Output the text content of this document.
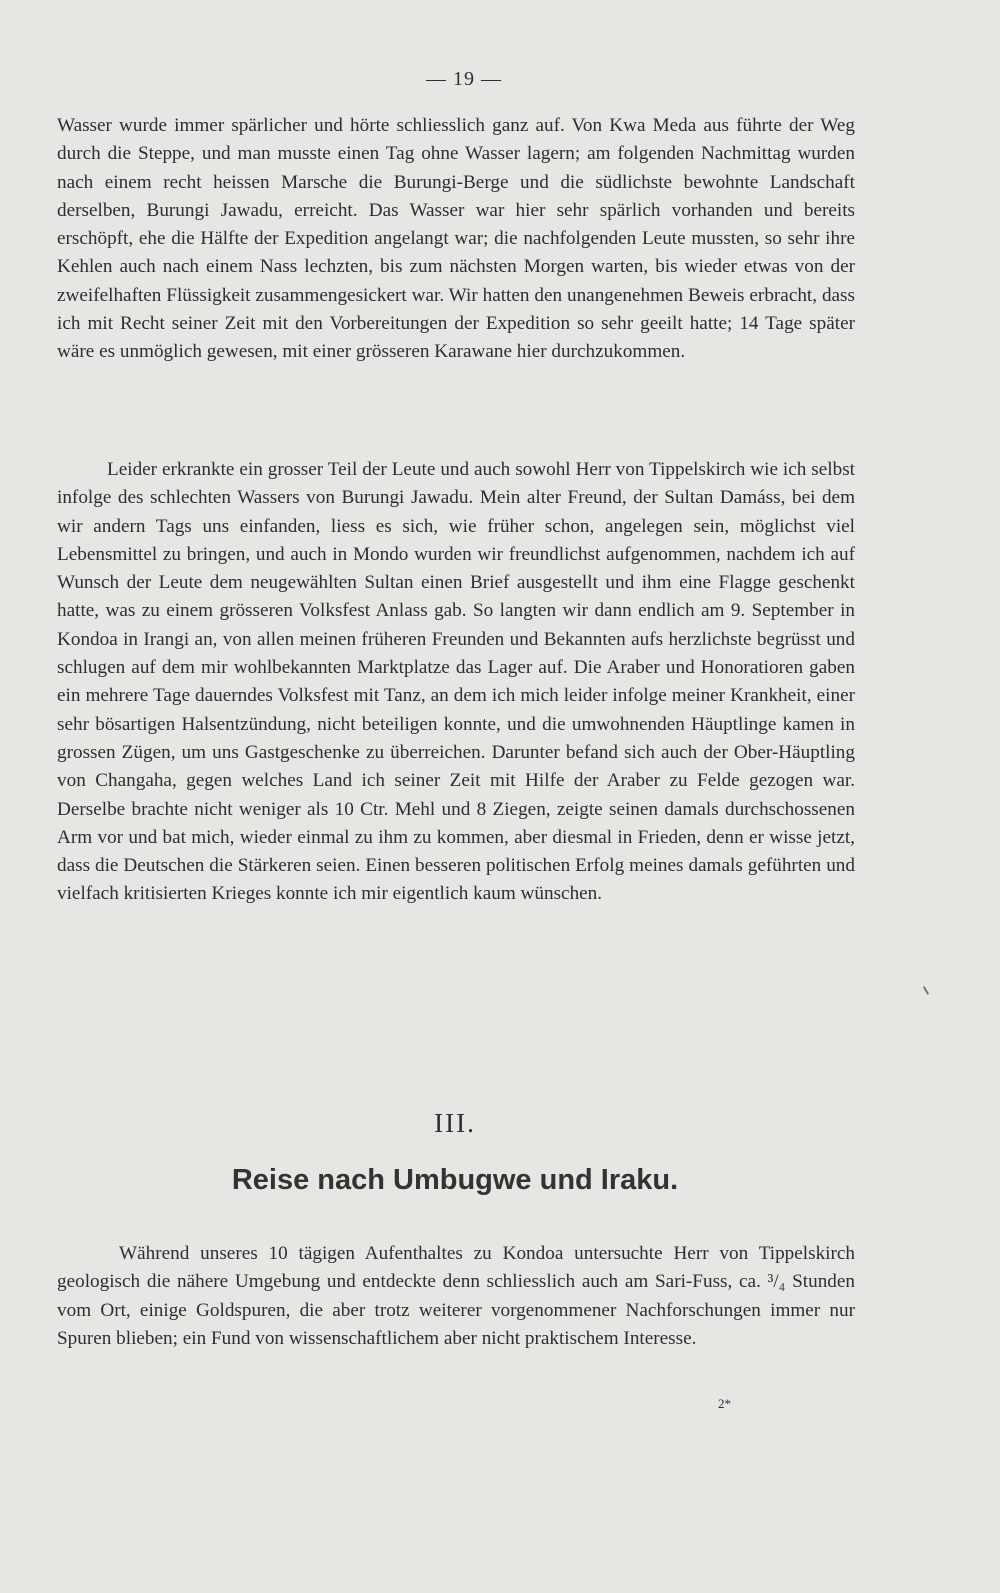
— 19 —

Wasser wurde immer spärlicher und hörte schliesslich ganz auf. Von Kwa Meda aus führte der Weg durch die Steppe, und man musste einen Tag ohne Wasser lagern; am folgenden Nachmittag wurden nach einem recht heissen Marsche die Burungi-Berge und die südlichste bewohnte Landschaft derselben, Burungi Jawadu, erreicht. Das Wasser war hier sehr spärlich vorhanden und bereits erschöpft, ehe die Hälfte der Expedition angelangt war; die nachfolgenden Leute mussten, so sehr ihre Kehlen auch nach einem Nass lechzten, bis zum nächsten Morgen warten, bis wieder etwas von der zweifelhaften Flüssigkeit zusammengesickert war. Wir hatten den unangenehmen Beweis erbracht, dass ich mit Recht seiner Zeit mit den Vorbereitungen der Expedition so sehr geeilt hatte; 14 Tage später wäre es unmöglich gewesen, mit einer grösseren Karawane hier durchzukommen.

Leider erkrankte ein grosser Teil der Leute und auch sowohl Herr von Tippelskirch wie ich selbst infolge des schlechten Wassers von Burungi Jawadu. Mein alter Freund, der Sultan Damáss, bei dem wir andern Tags uns einfanden, liess es sich, wie früher schon, angelegen sein, möglichst viel Lebensmittel zu bringen, und auch in Mondo wurden wir freundlichst aufgenommen, nachdem ich auf Wunsch der Leute dem neugewählten Sultan einen Brief ausgestellt und ihm eine Flagge geschenkt hatte, was zu einem grösseren Volksfest Anlass gab. So langten wir dann endlich am 9. September in Kondoa in Irangi an, von allen meinen früheren Freunden und Bekannten aufs herzlichste begrüsst und schlugen auf dem mir wohlbekannten Marktplatze das Lager auf. Die Araber und Honoratioren gaben ein mehrere Tage dauerndes Volksfest mit Tanz, an dem ich mich leider infolge meiner Krankheit, einer sehr bösartigen Halsentzündung, nicht beteiligen konnte, und die umwohnenden Häuptlinge kamen in grossen Zügen, um uns Gastgeschenke zu überreichen. Darunter befand sich auch der Ober-Häuptling von Changaha, gegen welches Land ich seiner Zeit mit Hilfe der Araber zu Felde gezogen war. Derselbe brachte nicht weniger als 10 Ctr. Mehl und 8 Ziegen, zeigte seinen damals durchschossenen Arm vor und bat mich, wieder einmal zu ihm zu kommen, aber diesmal in Frieden, denn er wisse jetzt, dass die Deutschen die Stärkeren seien. Einen besseren politischen Erfolg meines damals geführten und vielfach kritisierten Krieges konnte ich mir eigentlich kaum wünschen.

III.
Reise nach Umbugwe und Iraku.

Während unseres 10 tägigen Aufenthaltes zu Kondoa untersuchte Herr von Tippelskirch geologisch die nähere Umgebung und entdeckte denn schliesslich auch am Sari-Fuss, ca. ³/₄ Stunden vom Ort, einige Goldspuren, die aber trotz weiterer vorgenommener Nachforschungen immer nur Spuren blieben; ein Fund von wissenschaftlichem aber nicht praktischem Interesse.

2*
